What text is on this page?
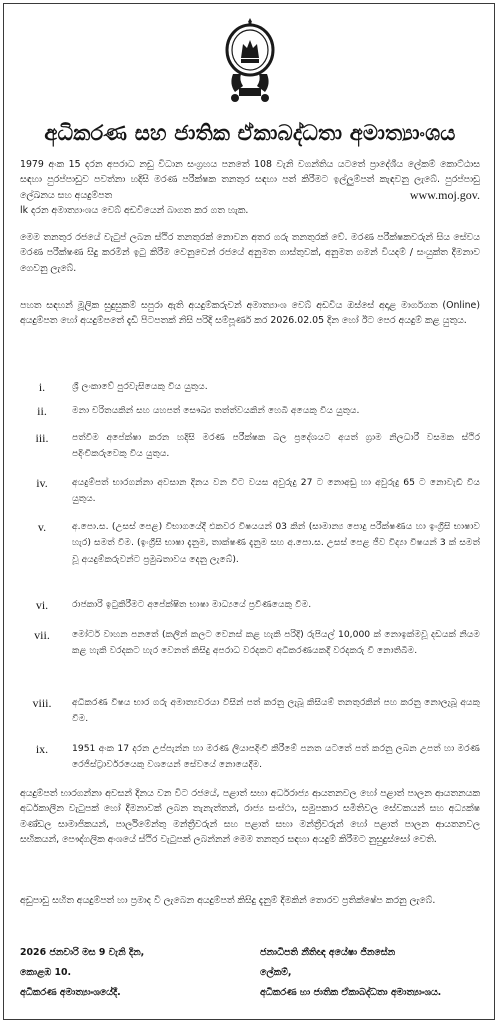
අධිකරණ සහ ජාතික ඒකාබද්ධතා අමාත්‍යාංශය
1979 අංක 15 දරන අපරාධ නඩු විධාන සංග්‍රහය පනතේ 108 වැනි වගන්තිය යටතේ ප්‍රාදේශීය ලේකම් කොට්ඨාස සඳහා පුරප්පාඩුව පවත්නා හදිසි මරණ පරීක්ෂක තනතුර සඳහා පත් කිරීමට ඉල්ලුම්පත් කැඳවනු ලැබේ. පුරප්පාඩු ලේඛනය සහ අයදුම්පත	www.moj.gov.

lk දරන අමාත්‍යාංශය වෙබ් අඩවියෙන් බාගත කර ගත හැක.
මෙම තනතුර රජයේ වැටුප් ලබන ස්ථිර තනතුරක් නොවන අතර ගරු තනතුරක් වේ. මරණ පරීක්ෂකවරුන් සිය සේවය මරණ පරීක්ෂණ සිදු කරමින් ඉටු කිරීම වෙනුවෙන් රජයේ අනුමත ගාස්තුවක්, අනුමත ගමන් වියදම් / සංයුක්ත දීමනාව ගෙවනු ලැබේ.
පහත සඳහන් මූලික සුදුසුකම් සපුරා ඇති අයදුම්කරුවන් අමාත්‍යාංශ වෙබ් අඩවිය ඔස්සේ අදාළ මාර්ගගත (Online) අයදුම්පත හෝ අයදුම්පතේ දැඩි පිටපතක් නිසි පරිදි සම්පූර්ණ කර 2026.02.05 දින හෝ ඊට පෙර අයදුම් කළ යුතුය.
i.	ශ්‍රී ලංකාවේ පුරවැසියෙකු විය යුතුය.
ii.	මනා චරිතයකින් සහ යහපත් සෞඛ්‍ය තත්ත්වයකින් හෙබි අයෙකු විය යුතුය.
iii.	පත්වීම අපේක්ෂා කරන හදිසි මරණ පරීක්ෂක බල ප්‍රදේශයට අයත් ග්‍රාම නිලධාරී වසමක ස්ථිර පදිංචිකරුවෙකු විය යුතුය.
iv.	අයදුම්පත් භාරගන්නා අවසාන දිනය වන විට වයස අවුරුදු 27 ට නොඅඩු හා අවුරුදු 65 ට නොවැඩි විය යුතුය.
v.	අ.පො.ස. (උසස් පෙළ) විභාගයේදී එකවර විෂයයන් 03 කින් (සාමාන්‍ය පොදු පරීක්ෂණය හා ඉංග්‍රීසි භාෂාව හැර) සමත් වීම. (ඉංග්‍රීසි භාෂා දැනුම, තාක්ෂණ දැනුම සහ අ.පො.ස. උසස් පෙළ ජීව විද්‍යා විෂයන් 3 ක් සමත් වූ අයදුම්කරුවන්ට ප්‍රමුඛතාවය දෙනු ලැබේ).
vi.	රාජකාරි ඉටුකිරීමට අපේක්ෂිත භාෂා මාධ්‍යයේ ප්‍රවීණයෙකු වීම.
vii.	මෝටර් වාහන පනතේ (කලින් කලට වෙනස් කළ හැකි පරිදි) රුපියල් 10,000 ක් නොඉක්මවූ දඩයක් නියම කළ හැකි වරදකට හැර වෙනත් කිසිදු අපරාධ වරදකට අධිකරණයකදී වරදකරු වී නොතිබීම.
viii.	අධිකරණ විෂය භාර ගරු අමාත්‍යවරයා විසින් පත් කරනු ලැබූ කිසියම් තනතුරකින් පහ කරනු නොලැබූ අයකු වීම.
ix.	1951 අංක 17 දරන උප්පැන්න හා මරණ ලියාපදිංචි කිරීමේ පනත යටතේ පත් කරනු ලබන උපත් හා මරණ රෙජිස්ට්‍රාර්වරයෙකු වශයෙන් සේවයේ නොයෙදීම.
අයදුම්පත් භාරගන්නා අවසන් දිනය වන විට රජයේ, පළාත් සභා අර්ධරාජ්‍ය ආයතනවල හෝ පළාත් පාලන ආයතනයක අර්ධකාලීන වැටුපක් හෝ දීමනාවක් ලබන තැනැත්තන්, රාජ්‍ය සංස්ථා, සමුපකාර සමිතිවල සේවකයන් සහ අධ්‍යක්ෂ මණ්ඩල සාමාජිකයන්, පාර්ලිමේන්තු මන්ත්‍රීවරුන් සහ පළාත් සභා මන්ත්‍රීවරුන් හෝ පළාත් පාලන ආයතනවල සභිකයන්, පෞද්ගලික අංශයේ ස්ථිර වැටුපක් ලබන්නන් මෙම තනතුර සඳහා අයදුම් කිරීමට නුසුදුස්සෝ වෙති.
අඩුපාඩු සහිත අයදුම්පත් හා ප්‍රමාද වී ලැබෙන අයදුම්පත් කිසිදු දැනුම් දීමකින් තොරව ප්‍රතික්ෂේප කරනු ලැබේ.
2026 ජනවාරි මස 9 වැනි දින,
කොළඹ 10.
අධිකරණ අමාත්‍යාංශයේදී.
ජනාධිපති නීතිඥ අයේෂා ජිනසේන
ලේකම්,
අධිකරණ හා ජාතික ඒකාබද්ධතා අමාත්‍යාංශය.
